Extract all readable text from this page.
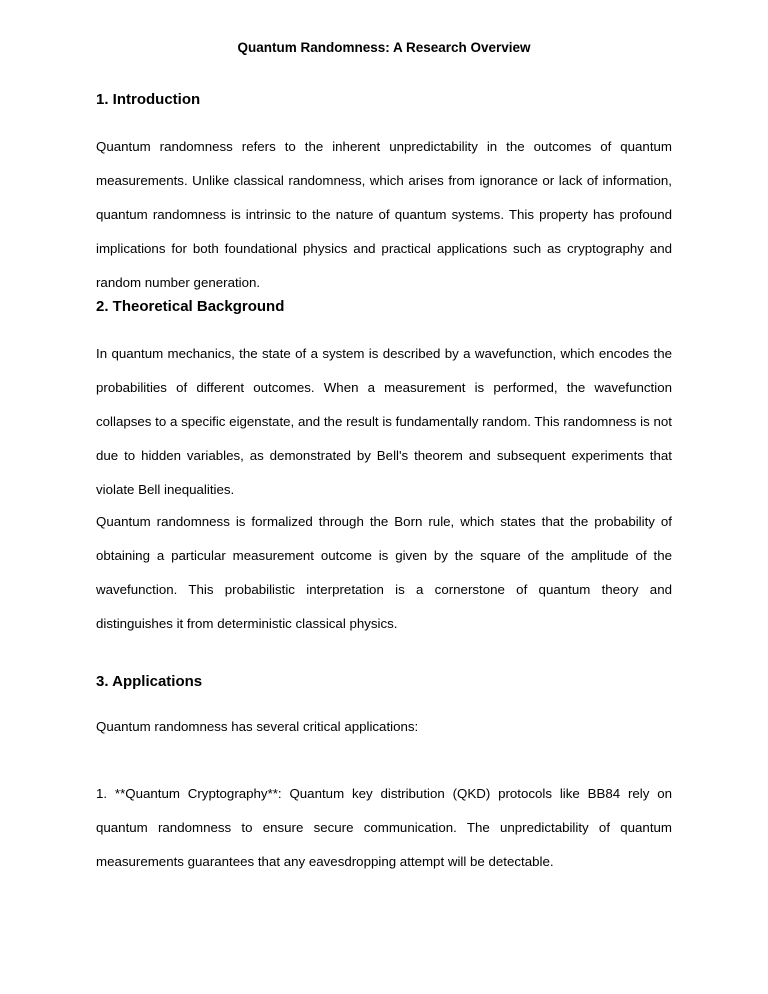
Quantum Randomness: A Research Overview
1. Introduction

Quantum randomness refers to the inherent unpredictability in the outcomes of quantum measurements. Unlike classical randomness, which arises from ignorance or lack of information, quantum randomness is intrinsic to the nature of quantum systems. This property has profound implications for both foundational physics and practical applications such as cryptography and random number generation.

2. Theoretical Background

In quantum mechanics, the state of a system is described by a wavefunction, which encodes the probabilities of different outcomes. When a measurement is performed, the wavefunction collapses to a specific eigenstate, and the result is fundamentally random. This randomness is not due to hidden variables, as demonstrated by Bell's theorem and subsequent experiments that violate Bell inequalities.

Quantum randomness is formalized through the Born rule, which states that the probability of obtaining a particular measurement outcome is given by the square of the amplitude of the wavefunction. This probabilistic interpretation is a cornerstone of quantum theory and distinguishes it from deterministic classical physics.

3. Applications

Quantum randomness has several critical applications:

1. **Quantum Cryptography**: Quantum key distribution (QKD) protocols like BB84 rely on quantum randomness to ensure secure communication. The unpredictability of quantum measurements guarantees that any eavesdropping attempt will be detectable.
